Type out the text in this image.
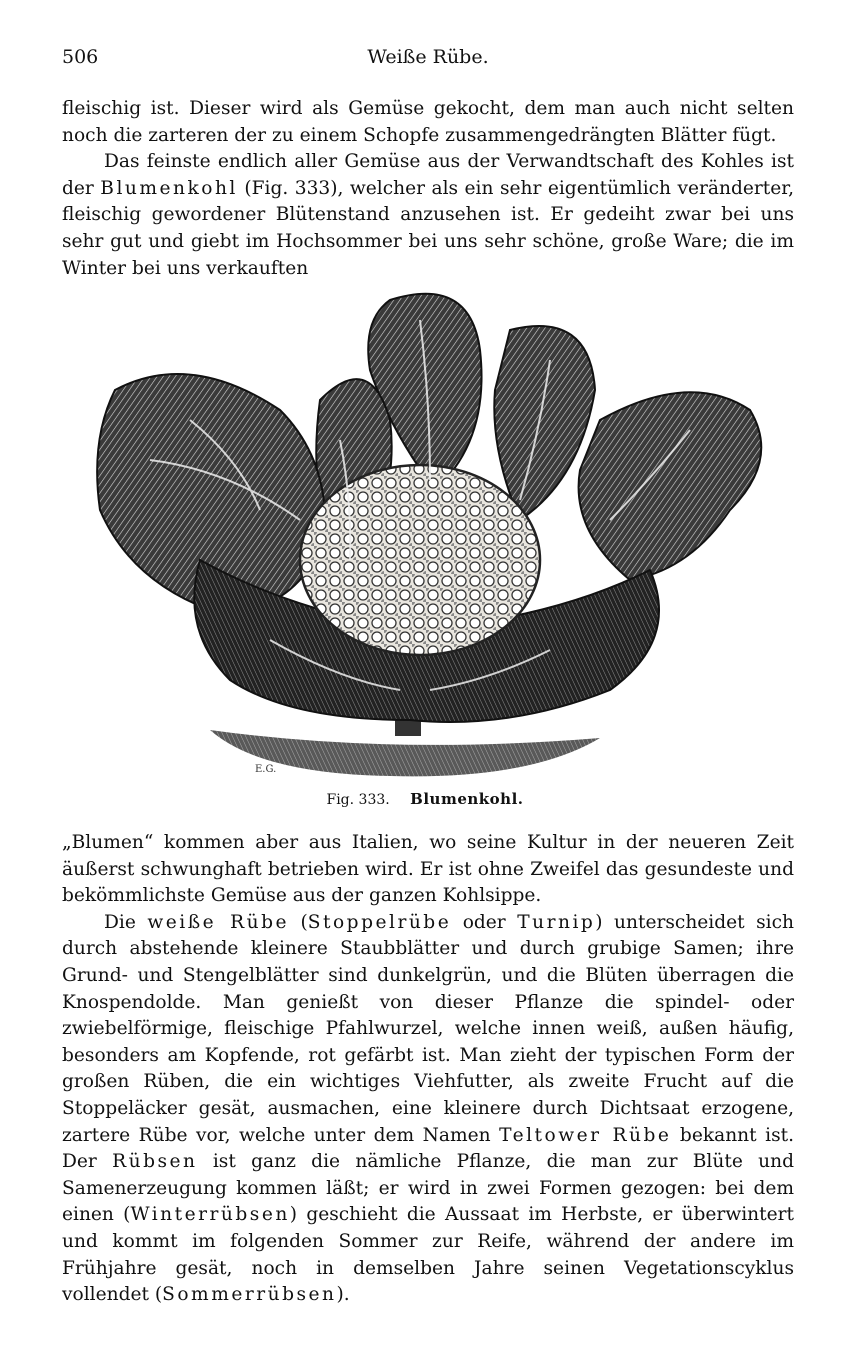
506	Weiße Rübe.

fleischig ist. Dieser wird als Gemüse gekocht, dem man auch nicht selten noch die zarteren der zu einem Schopfe zusammengedrängten Blätter fügt.

Das feinste endlich aller Gemüse aus der Verwandtschaft des Kohles ist der Blumenkohl (Fig. 333), welcher als ein sehr eigentümlich veränderter, fleischig gewordener Blütenstand anzusehen ist. Er gedeiht zwar bei uns sehr gut und giebt im Hochsommer bei uns sehr schöne, große Ware; die im Winter bei uns verkauften

E.G.
Fig. 333. Blumenkohl.

„Blumen“ kommen aber aus Italien, wo seine Kultur in der neueren Zeit äußerst schwunghaft betrieben wird. Er ist ohne Zweifel das gesundeste und bekömmlichste Gemüse aus der ganzen Kohlsippe.

Die weiße Rübe (Stoppelrübe oder Turnip) unterscheidet sich durch abstehende kleinere Staubblätter und durch grubige Samen; ihre Grund- und Stengelblätter sind dunkelgrün, und die Blüten überragen die Knospendolde. Man genießt von dieser Pflanze die spindel- oder zwiebelförmige, fleischige Pfahlwurzel, welche innen weiß, außen häufig, besonders am Kopfende, rot gefärbt ist. Man zieht der typischen Form der großen Rüben, die ein wichtiges Viehfutter, als zweite Frucht auf die Stoppeläcker gesät, ausmachen, eine kleinere durch Dichtsaat erzogene, zartere Rübe vor, welche unter dem Namen Teltower Rübe bekannt ist. Der Rübsen ist ganz die nämliche Pflanze, die man zur Blüte und Samenerzeugung kommen läßt; er wird in zwei Formen gezogen: bei dem einen (Winterrübsen) geschieht die Aussaat im Herbste, er überwintert und kommt im folgenden Sommer zur Reife, während der andere im Frühjahre gesät, noch in demselben Jahre seinen Vegetationscyklus vollendet (Sommerrübsen).
